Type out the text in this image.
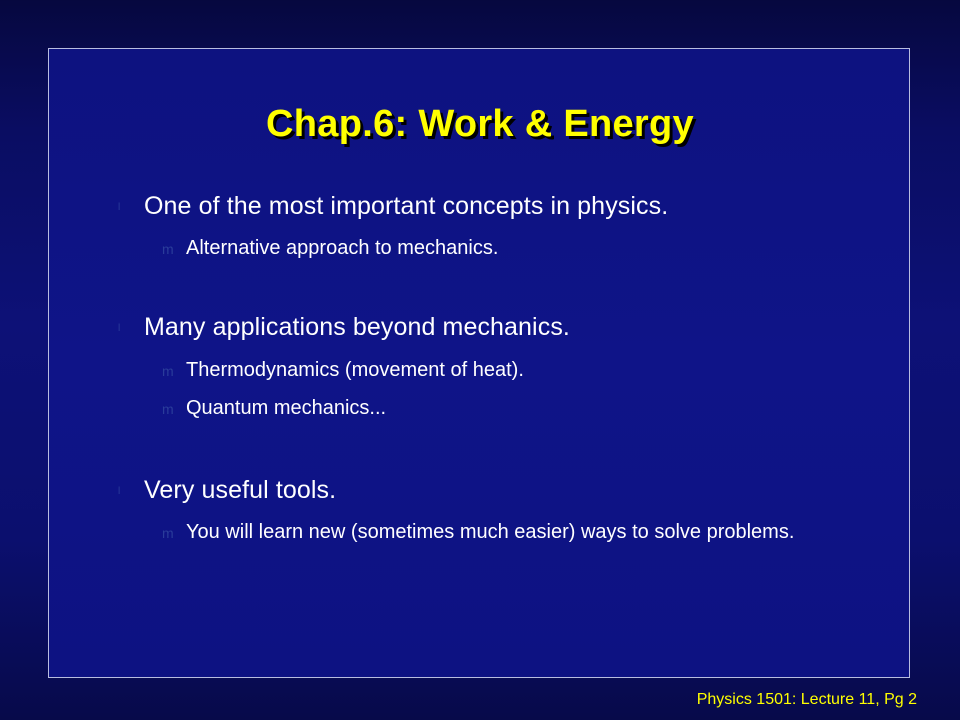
Chap.6: Work & Energy
l One of the most important concepts in physics.
m Alternative approach to mechanics.
l Many applications beyond mechanics.
m Thermodynamics (movement of heat).
m Quantum mechanics...
l Very useful tools.
m You will learn new (sometimes much easier) ways to solve problems.
Physics 1501: Lecture 11, Pg 2
